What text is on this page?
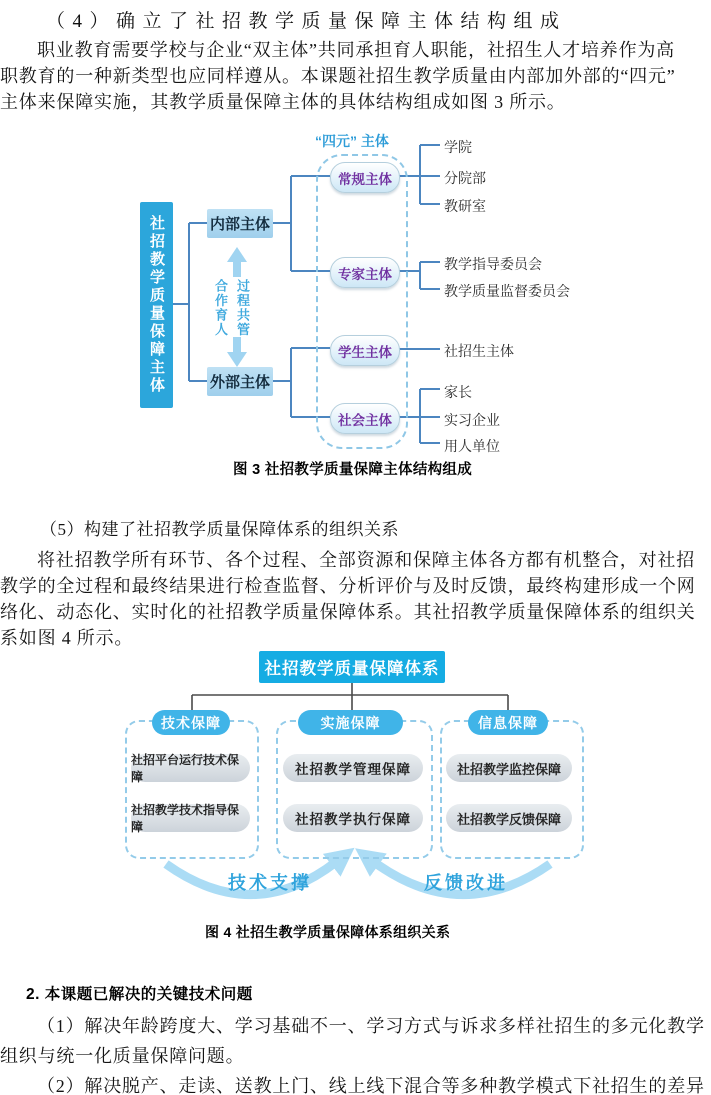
（4）确立了社招教学质量保障主体结构组成
职业教育需要学校与企业“双主体”共同承担育人职能，社招生人才培养作为高
职教育的一种新类型也应同样遵从。本课题社招生教学质量由内部加外部的“四元”
主体来保障实施，其教学质量保障主体的具体结构组成如图 3 所示。
“四元” 主体
社招教学质量保障主体	内部主体
外部主体
合作育人 过程共管
常规主体
专家主体
学生主体
社会主体
学院
分院部
教研室
教学指导委员会
教学质量监督委员会
社招生主体
家长
实习企业
用人单位
图 3 社招教学质量保障主体结构组成
（5）构建了社招教学质量保障体系的组织关系
将社招教学所有环节、各个过程、全部资源和保障主体各方都有机整合，对社招
教学的全过程和最终结果进行检查监督、分析评价与及时反馈，最终构建形成一个网
络化、动态化、实时化的社招教学质量保障体系。其社招教学质量保障体系的组织关
系如图 4 所示。
社招教学质量保障体系
技术保障	实施保障	信息保障
社招平台运行技术保障
社招教学技术指导保障
社招教学管理保障
社招教学执行保障
社招教学监控保障
社招教学反馈保障
技术支撑	反馈改进
图 4 社招生教学质量保障体系组织关系
2. 本课题已解决的关键技术问题
（1）解决年龄跨度大、学习基础不一、学习方式与诉求多样社招生的多元化教学
组织与统一化质量保障问题。
（2）解决脱产、走读、送教上门、线上线下混合等多种教学模式下社招生的差异
